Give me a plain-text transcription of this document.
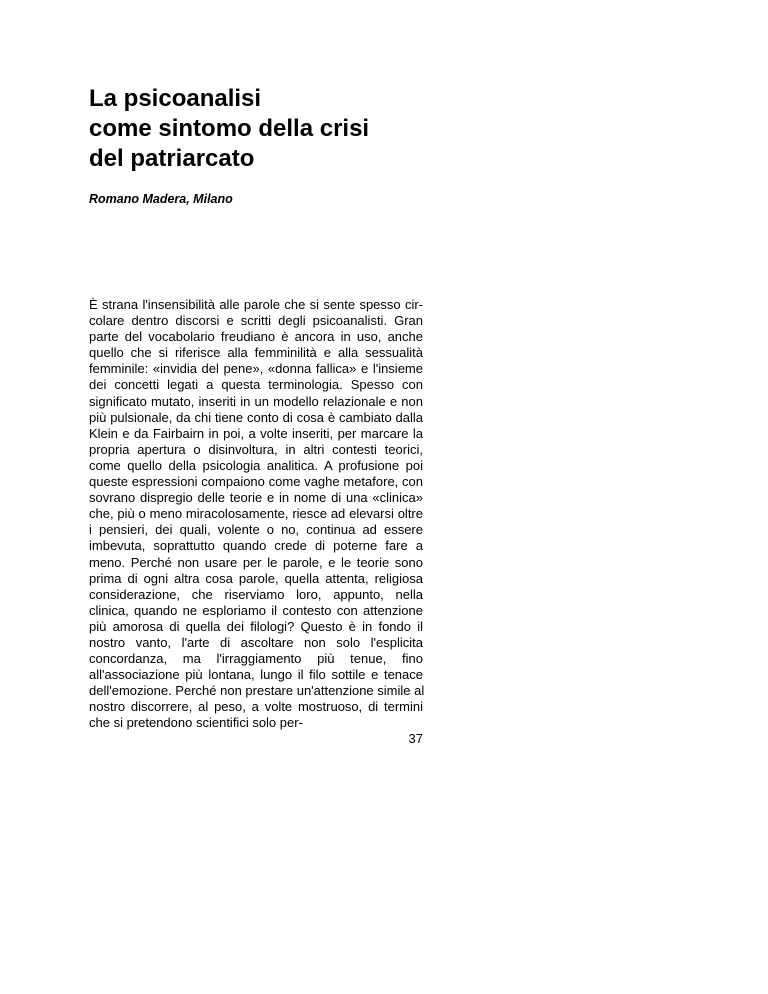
La psicoanalisi
come sintomo della crisi
del patriarcato

Romano Madera, Milano

È strana l'insensibilità alle parole che si sente spesso cir-
colare dentro discorsi e scritti degli psicoanalisti. Gran
parte del vocabolario freudiano è ancora in uso, anche
quello che si riferisce alla femminilità e alla sessualità
femminile: «invidia del pene», «donna fallica» e l'insieme
dei concetti legati a questa terminologia. Spesso con
significato mutato, inseriti in un modello relazionale e non
più pulsionale, da chi tiene conto di cosa è cambiato dalla
Klein e da Fairbairn in poi, a volte inseriti, per marcare la
propria apertura o disinvoltura, in altri contesti teorici,
come quello della psicologia analitica. A profusione poi
queste espressioni compaiono come vaghe metafore, con
sovrano dispregio delle teorie e in nome di una «clinica»
che, più o meno miracolosamente, riesce ad elevarsi oltre
i pensieri, dei quali, volente o no, continua ad essere
imbevuta, soprattutto quando crede di poterne fare a
meno. Perché non usare per le parole, e le teorie sono
prima di ogni altra cosa parole, quella attenta, religiosa
considerazione, che riserviamo loro, appunto, nella
clinica, quando ne esploriamo il contesto con attenzione
più amorosa di quella dei filologi? Questo è in fondo il
nostro vanto, l'arte di ascoltare non solo l'esplicita
concordanza, ma l'irraggiamento più tenue, fino
all'associazione più lontana, lungo il filo sottile e tenace
dell'emozione. Perché non prestare un'attenzione simile al
nostro discorrere, al peso, a volte mostruoso, di termini
che si pretendono scientifici solo per-

37
